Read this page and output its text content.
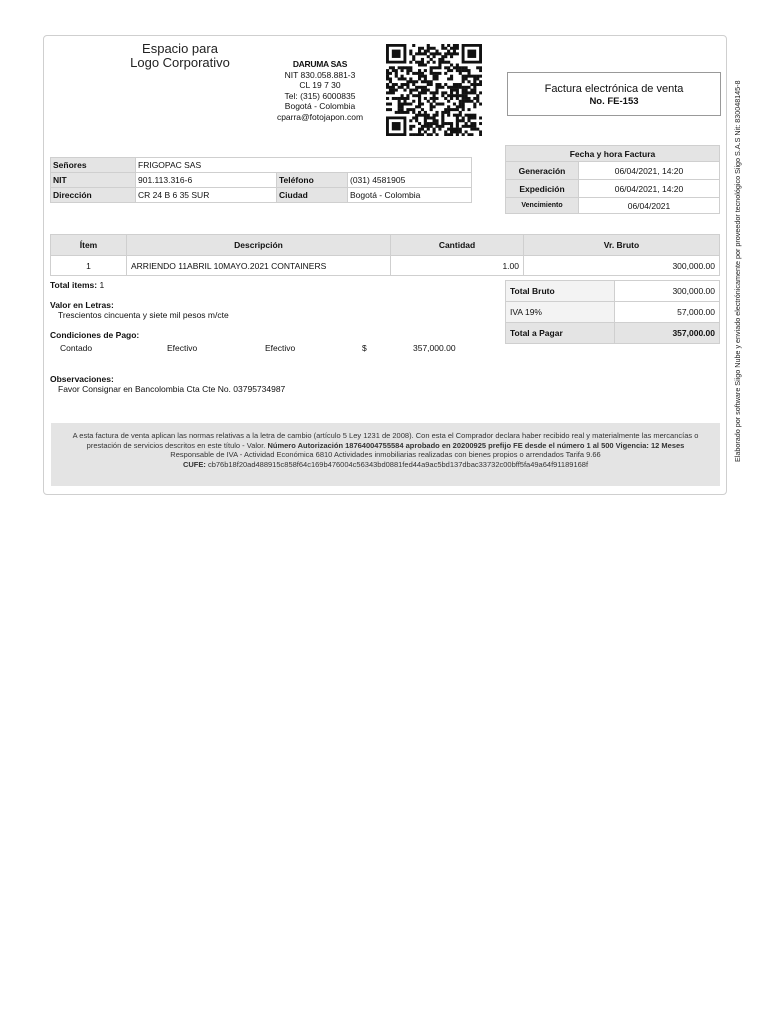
Espacio para
Logo Corporativo	DARUMA SAS
NIT 830.058.881-3
CL 19 7 30
Tel: (315) 6000835
Bogotá - Colombia
cparra@fotojapon.com
Factura electrónica de venta
No. FE-153
Señores	FRIGOPAC SAS		
NIT	901.113.316-6	Teléfono	(031) 4581905
Dirección	CR 24 B 6 35 SUR	Ciudad	Bogotá - Colombia
Fecha y hora Factura	
Generación	06/04/2021, 14:20
Expedición	06/04/2021, 14:20
Vencimiento	06/04/2021
Ítem	Descripción	Cantidad	Vr. Bruto
1	ARRIENDO 11ABRIL 10MAYO.2021 CONTAINERS	1.00	300,000.00
Total items: 1
Valor en Letras:
Trescientos cincuenta y siete mil pesos m/cte
Condiciones de Pago:
Contado	Efectivo	Efectivo	$	357,000.00
Observaciones:
Favor Consignar en Bancolombia Cta Cte No. 03795734987
Total Bruto	300,000.00
IVA 19%	57,000.00
Total a Pagar	357,000.00
A esta factura de venta aplican las normas relativas a la letra de cambio (artículo 5 Ley 1231 de 2008). Con esta el Comprador declara haber recibido real y materialmente las mercancías o prestación de servicios descritos en este título - Valor. Número Autorización 18764004755584 aprobado en 20200925 prefijo FE desde el número 1 al 500 Vigencia: 12 Meses
Responsable de IVA - Actividad Económica 6810 Actividades inmobiliarias realizadas con bienes propios o arrendados Tarifa 9.66
CUFE: cb76b18f20ad488915c858f64c169b476004c56343bd0881fed44a9ac5bd137dbac33732c00bff5fa49a64f91189168f
Elaborado por software Siigo Nube y enviado electrónicamente por proveedor tecnológico Siigo S.A.S Nit: 830048145-8
